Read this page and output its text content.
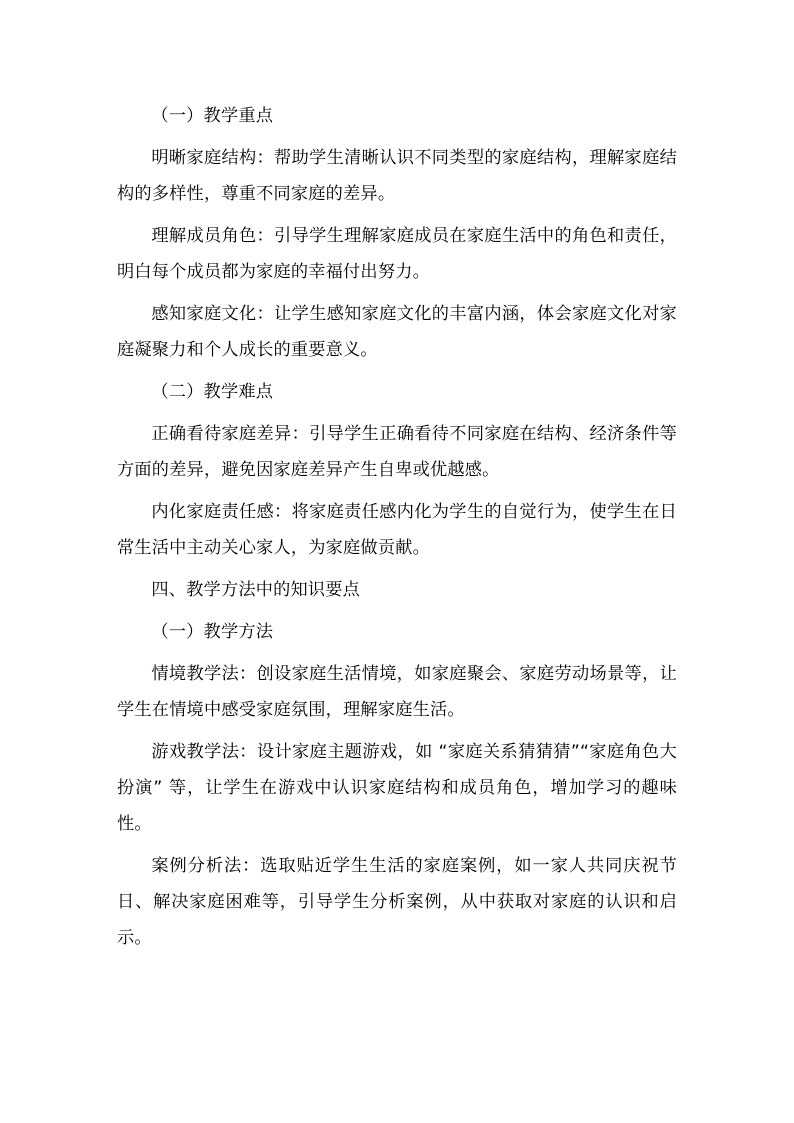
（一）教学重点

明晰家庭结构：帮助学生清晰认识不同类型的家庭结构，理解家庭结构的多样性，尊重不同家庭的差异。

理解成员角色：引导学生理解家庭成员在家庭生活中的角色和责任，明白每个成员都为家庭的幸福付出努力。

感知家庭文化：让学生感知家庭文化的丰富内涵，体会家庭文化对家庭凝聚力和个人成长的重要意义。

（二）教学难点

正确看待家庭差异：引导学生正确看待不同家庭在结构、经济条件等方面的差异，避免因家庭差异产生自卑或优越感。

内化家庭责任感：将家庭责任感内化为学生的自觉行为，使学生在日常生活中主动关心家人，为家庭做贡献。

四、教学方法中的知识要点

（一）教学方法

情境教学法：创设家庭生活情境，如家庭聚会、家庭劳动场景等，让学生在情境中感受家庭氛围，理解家庭生活。

游戏教学法：设计家庭主题游戏，如 “家庭关系猜猜猜”“家庭角色大扮演” 等，让学生在游戏中认识家庭结构和成员角色，增加学习的趣味性。

案例分析法：选取贴近学生生活的家庭案例，如一家人共同庆祝节日、解决家庭困难等，引导学生分析案例，从中获取对家庭的认识和启示。
